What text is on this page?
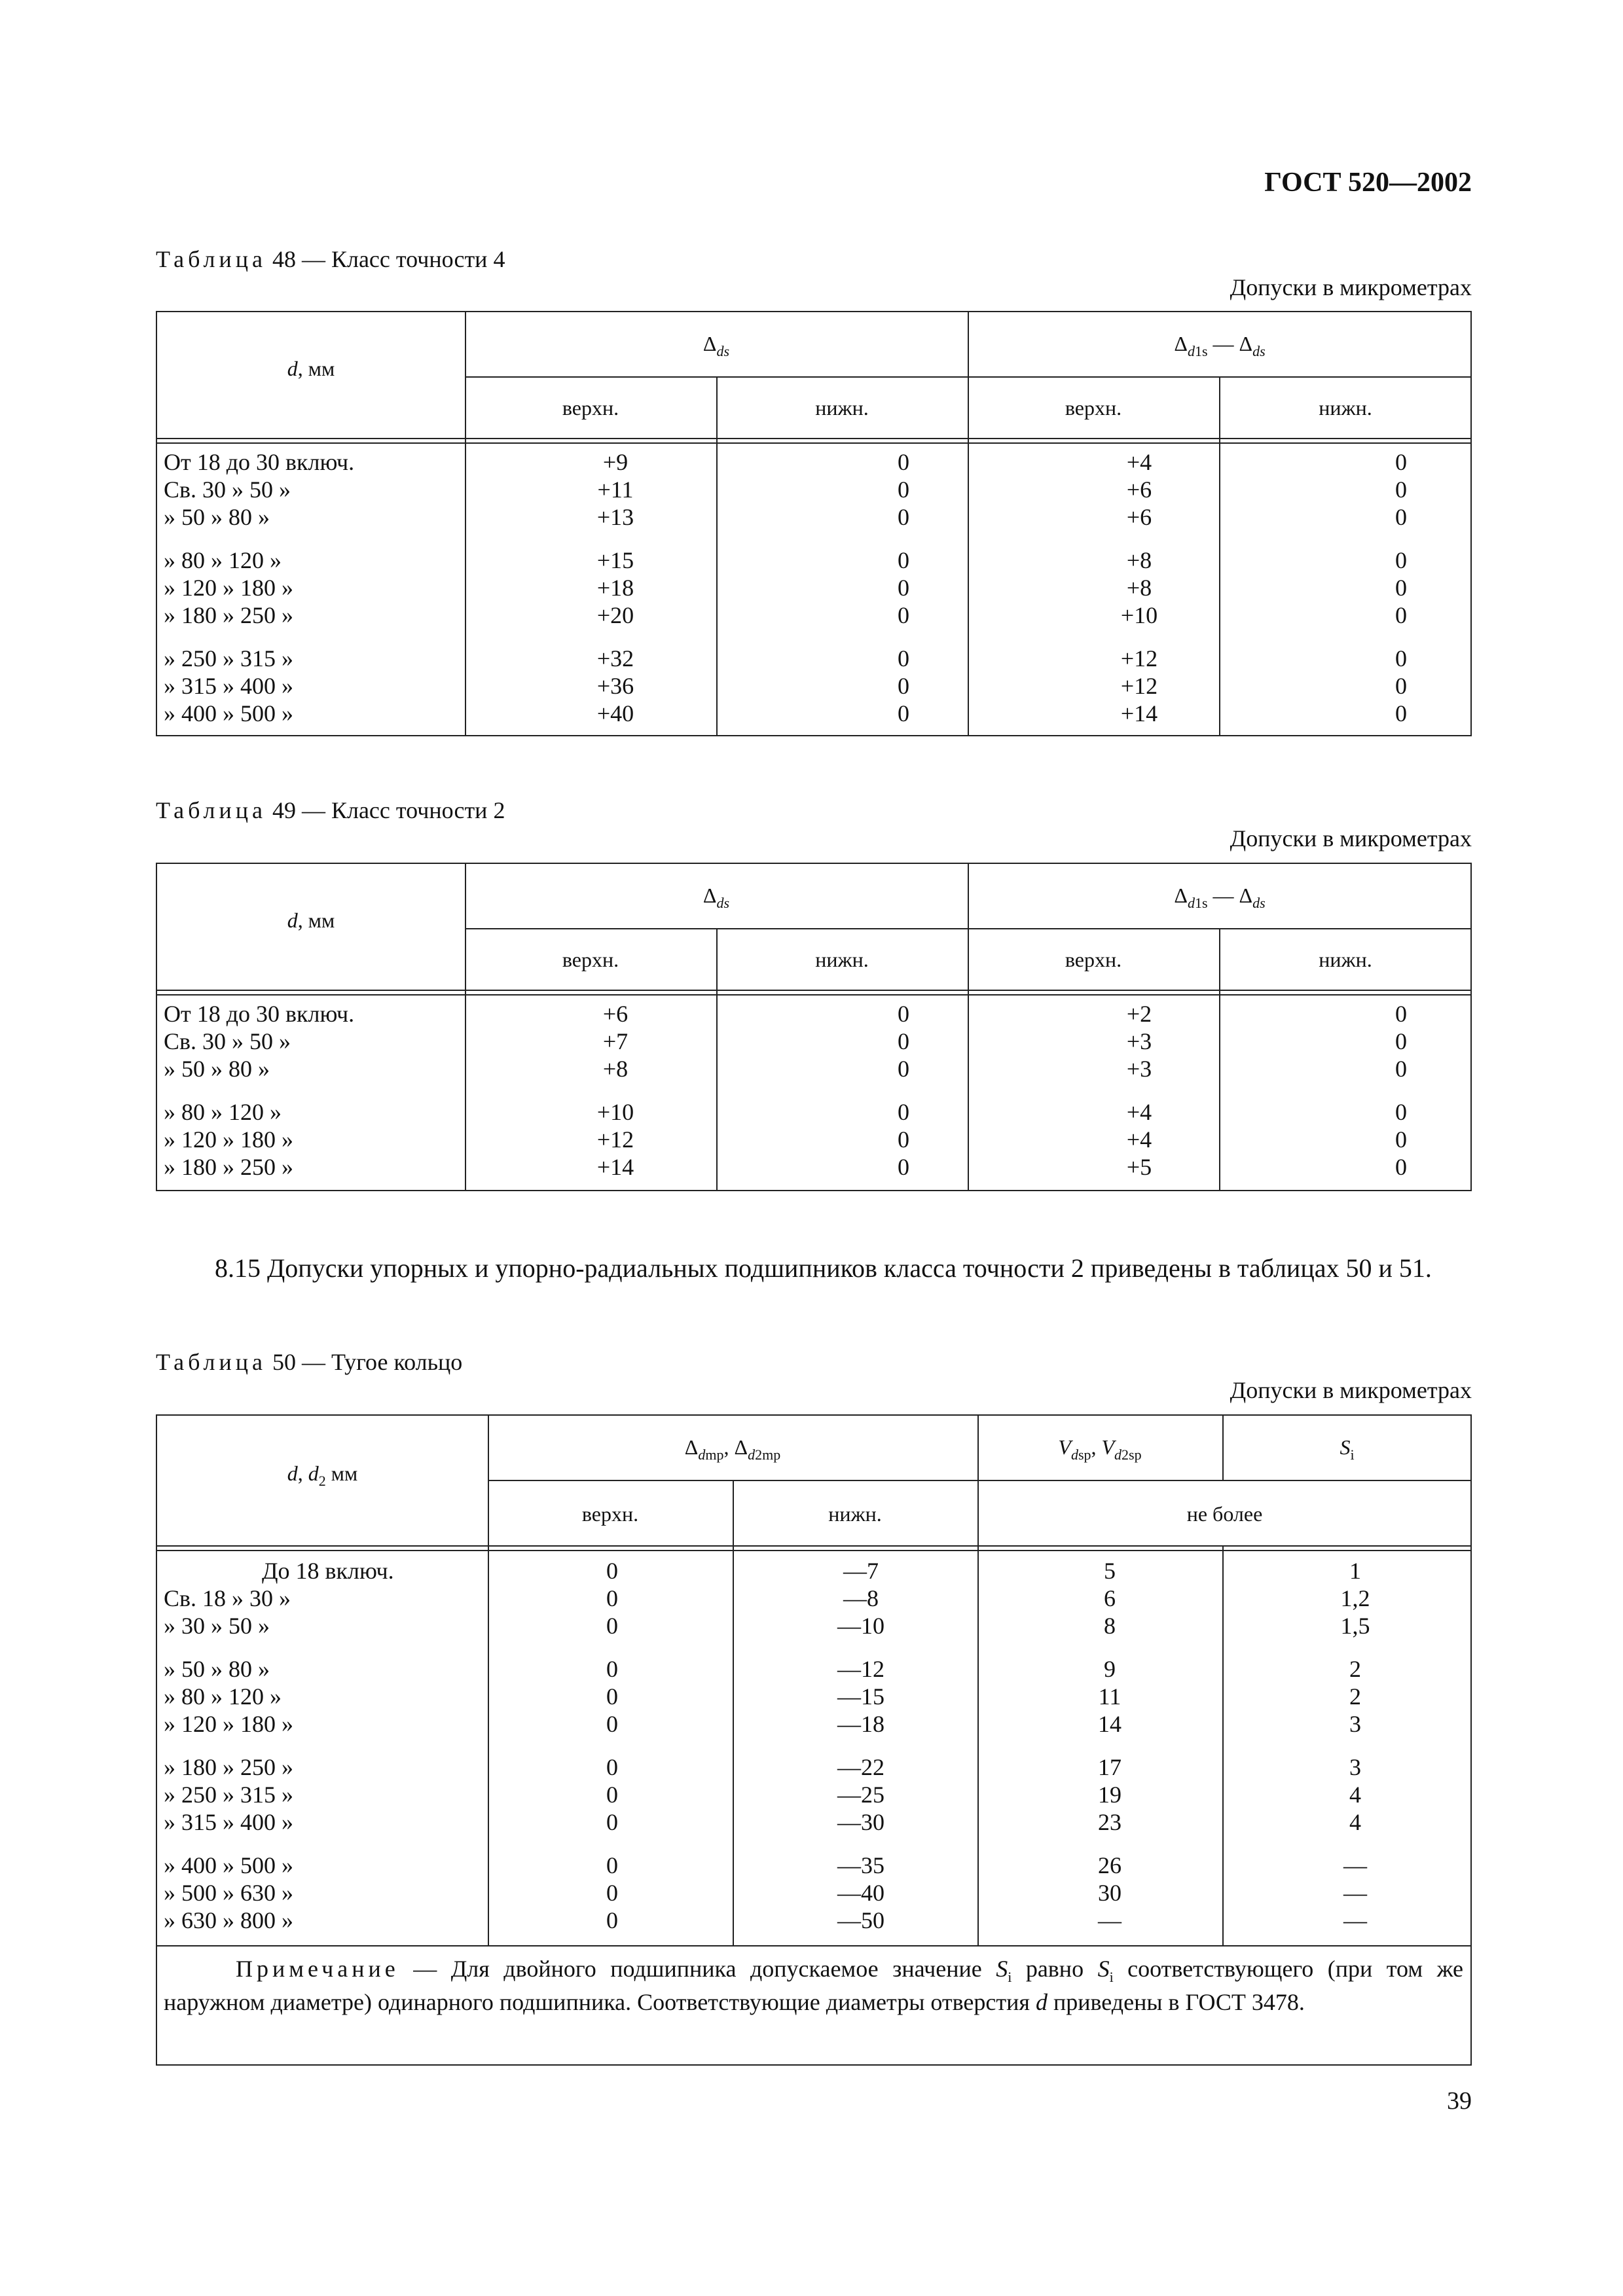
ГОСТ 520—2002
Таблица 48 — Класс точности 4
Допуски в микрометрах
d, мм
$\Delta_{ds}$	$\Delta_{d1s}$ — $\Delta_{ds}$
верхн.	нижн.	верхн.	нижн.
От 18 до 30 включ.	+9	0	+4	0
Св. 30 » 50 »	+11	0	+6	0
» 50 » 80 »	+13	0	+6	0
» 80 » 120 »	+15	0	+8	0
» 120 » 180 »	+18	0	+8	0
» 180 » 250 »	+20	0	+10	0
» 250 » 315 »	+32	0	+12	0
» 315 » 400 »	+36	0	+12	0
» 400 » 500 »	+40	0	+14	0
Таблица 49 — Класс точности 2
Допуски в микрометрах
d, мм
$\Delta_{ds}$	$\Delta_{d1s}$ — $\Delta_{ds}$
верхн.	нижн.	верхн.	нижн.
От 18 до 30 включ.	+6	0	+2	0
Св. 30 » 50 »	+7	0	+3	0
» 50 » 80 »	+8	0	+3	0
» 80 » 120 »	+10	0	+4	0
» 120 » 180 »	+12	0	+4	0
» 180 » 250 »	+14	0	+5	0
8.15 Допуски упорных и упорно-радиальных подшипников класса точности 2 приведены в таблицах 50 и 51.
Таблица 50 — Тугое кольцо
Допуски в микрометрах
d, $d_2$ мм
$\Delta_{dmp}$, $\Delta_{d2mp}$	$V_{dsp}$, $V_{d2sp}$	$S_i$
верхн.	нижн.	не более
Примечание — Для двойного подшипника допускаемое значение $S_i$ равно $S_i$ соответствующего (при том же наружном диаметре) одинарного подшипника. Соответствующие диаметры отверстия d приведены в ГОСТ 3478.
До 18 включ.	0	—7	5	1
Св. 18 » 30 »	0	—8	6	1,2
» 30 » 50 »	0	—10	8	1,5
» 50 » 80 »	0	—12	9	2
» 80 » 120 »	0	—15	11	2
» 120 » 180 »	0	—18	14	3
» 180 » 250 »	0	—22	17	3
» 250 » 315 »	0	—25	19	4
» 315 » 400 »	0	—30	23	4
» 400 » 500 »	0	—35	26	—
» 500 » 630 »	0	—40	30	—
» 630 » 800 »	0	—50	—	—
39
